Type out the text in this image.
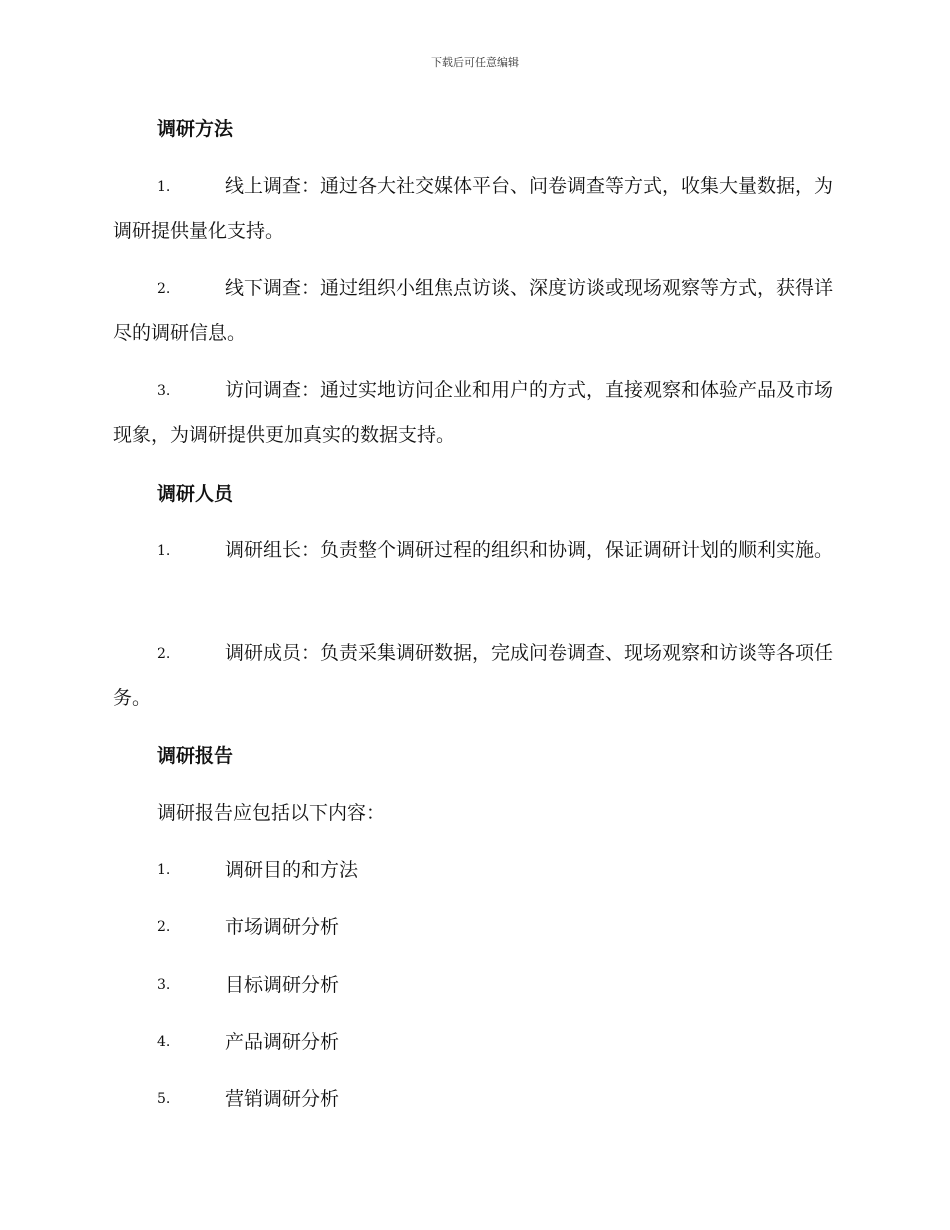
下载后可任意编辑
调研方法
1.	线上调查：通过各大社交媒体平台、问卷调查等方式，收集大量数据，为调研提供量化支持。
2.	线下调查：通过组织小组焦点访谈、深度访谈或现场观察等方式，获得详尽的调研信息。
3.	访问调查：通过实地访问企业和用户的方式，直接观察和体验产品及市场现象，为调研提供更加真实的数据支持。
调研人员
1.	调研组长：负责整个调研过程的组织和协调，保证调研计划的顺利实施。
2.	调研成员：负责采集调研数据，完成问卷调查、现场观察和访谈等各项任务。
调研报告
调研报告应包括以下内容：
1.	调研目的和方法
2.	市场调研分析
3.	目标调研分析
4.	产品调研分析
5.	营销调研分析
